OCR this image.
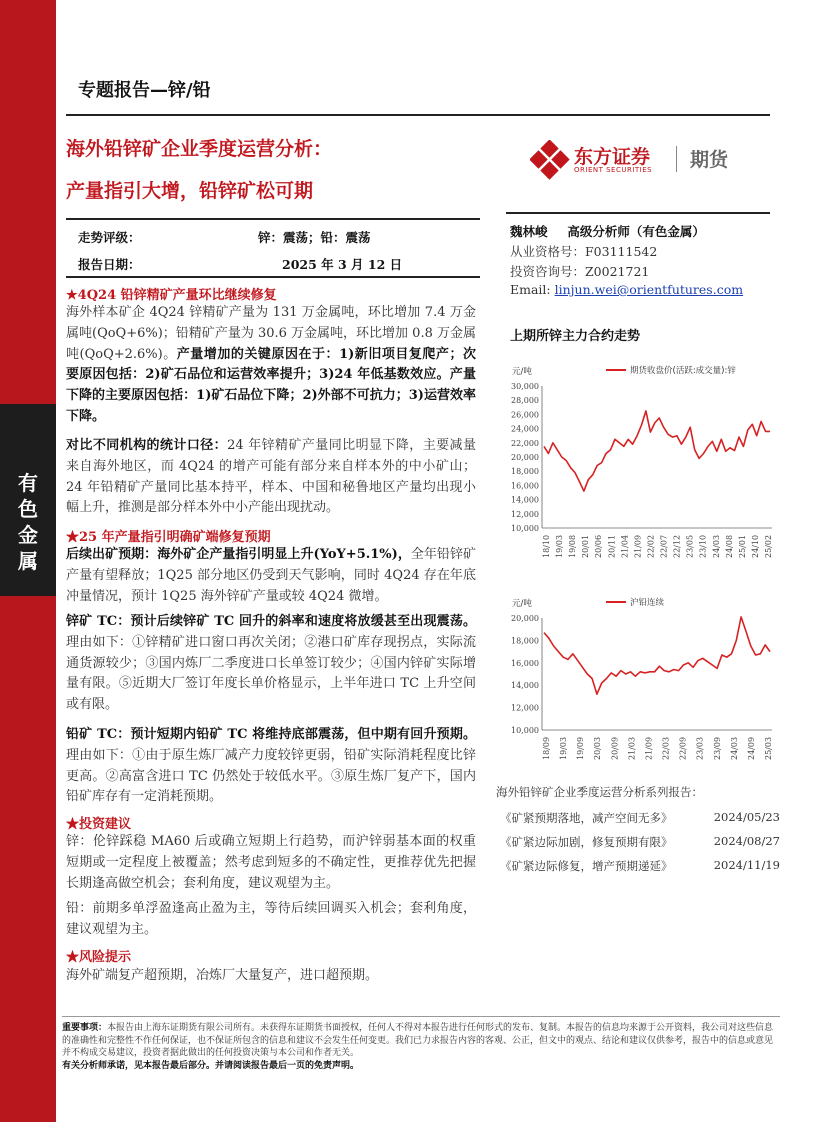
有
色
金
属
专题报告—锌/铅
海外铅锌矿企业季度运营分析：
产量指引大增，铅锌矿松可期
东方证券
ORIENT SECURITIES 期货
走势评级：	锌：震荡；铅：震荡
报告日期：	2025 年 3 月 12 日
魏林峻 高级分析师（有色金属）
从业资格号：F03111542
投资咨询号：Z0021721
Email: linjun.wei@orientfutures.com
★4Q24 铅锌精矿产量环比继续修复
海外样本矿企 4Q24 锌精矿产量为 131 万金属吨，环比增加 7.4 万金属吨(QoQ+6%)；铅精矿产量为 30.6 万金属吨，环比增加 0.8 万金属吨(QoQ+2.6%)。产量增加的关键原因在于：1)新旧项目复爬产；次要原因包括：2)矿石品位和运营效率提升；3)24 年低基数效应。产量下降的主要原因包括：1)矿石品位下降；2)外部不可抗力；3)运营效率下降。
对比不同机构的统计口径：24 年锌精矿产量同比明显下降，主要减量来自海外地区，而 4Q24 的增产可能有部分来自样本外的中小矿山；24 年铅精矿产量同比基本持平，样本、中国和秘鲁地区产量均出现小幅上升，推测是部分样本外中小产能出现扰动。
★25 年产量指引明确矿端修复预期
后续出矿预期：海外矿企产量指引明显上升(YoY+5.1%)，全年铅锌矿产量有望释放；1Q25 部分地区仍受到天气影响，同时 4Q24 存在年底冲量情况，预计 1Q25 海外锌矿产量或较 4Q24 微增。
锌矿 TC：预计后续锌矿 TC 回升的斜率和速度将放缓甚至出现震荡。理由如下：①锌精矿进口窗口再次关闭；②港口矿库存现拐点，实际流通货源较少；③国内炼厂二季度进口长单签订较少；④国内锌矿实际增量有限。⑤近期大厂签订年度长单价格显示，上半年进口 TC 上升空间或有限。
铅矿 TC：预计短期内铅矿 TC 将维持底部震荡，但中期有回升预期。理由如下：①由于原生炼厂减产力度较锌更弱，铅矿实际消耗程度比锌更高。②高富含进口 TC 仍然处于较低水平。③原生炼厂复产下，国内铅矿库存有一定消耗预期。
★投资建议
锌：伦锌踩稳 MA60 后或确立短期上行趋势，而沪锌弱基本面的权重短期或一定程度上被覆盖；然考虑到短多的不确定性，更推荐优先把握长期逢高做空机会；套利角度，建议观望为主。
铅：前期多单浮盈逢高止盈为主，等待后续回调买入机会；套利角度，建议观望为主。
★风险提示
海外矿端复产超预期，冶炼厂大量复产，进口超预期。
上期所锌主力合约走势
元/吨	期货收盘价(活跃:成交量):锌
30,000
28,000
26,000
24,000
22,000
20,000
18,000
16,000
14,000
12,000
10,000
18/10 19/03 19/08 20/01 20/06 20/11 21/04 21/09 22/02 22/07 22/12 23/05 23/10 24/03 24/08 25/01 24/10 25/02
元/吨	沪铅连续
20,000
18,000
16,000
14,000
12,000
10,000
18/09 19/03 19/09 20/03 20/09 21/03 21/09 22/03 22/09 23/03 23/09 24/03 24/09 25/03
海外铅锌矿企业季度运营分析系列报告：
《矿紧预期落地，减产空间无多》	2024/05/23
《矿紧边际加剧，修复预期有限》	2024/08/27
《矿紧边际修复，增产预期递延》	2024/11/19
重要事项：本报告由上海东证期货有限公司所有。未获得东证期货书面授权，任何人不得对本报告进行任何形式的发布、复制。本报告的信息均来源于公开资料，我公司对这些信息的准确性和完整性不作任何保证，也不保证所包含的信息和建议不会发生任何变更。我们已力求报告内容的客观、公正，但文中的观点、结论和建议仅供参考，报告中的信息或意见并不构成交易建议，投资者据此做出的任何投资决策与本公司和作者无关。
有关分析师承诺，见本报告最后部分。并请阅读报告最后一页的免责声明。
